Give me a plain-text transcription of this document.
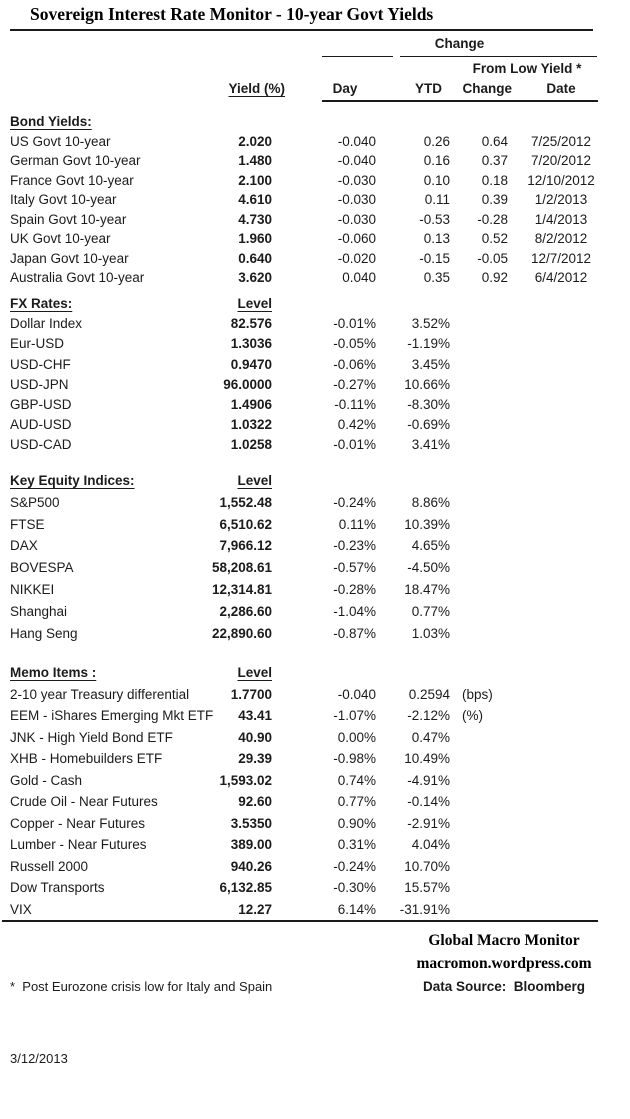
Sovereign Interest Rate Monitor - 10-year Govt Yields
Change
From Low Yield *
Yield (%)	Day	YTD	Change	Date
Bond Yields:
US Govt 10-year	2.020	-0.040	0.26	0.64	7/25/2012
German Govt 10-year	1.480	-0.040	0.16	0.37	7/20/2012
France Govt 10-year	2.100	-0.030	0.10	0.18	12/10/2012
Italy Govt 10-year	4.610	-0.030	0.11	0.39	1/2/2013
Spain Govt 10-year	4.730	-0.030	-0.53	-0.28	1/4/2013
UK Govt 10-year	1.960	-0.060	0.13	0.52	8/2/2012
Japan Govt 10-year	0.640	-0.020	-0.15	-0.05	12/7/2012
Australia Govt 10-year	3.620	0.040	0.35	0.92	6/4/2012
FX Rates:	Level
Dollar Index	82.576	-0.01%	3.52%
Eur-USD	1.3036	-0.05%	-1.19%
USD-CHF	0.9470	-0.06%	3.45%
USD-JPN	96.0000	-0.27%	10.66%
GBP-USD	1.4906	-0.11%	-8.30%
AUD-USD	1.0322	0.42%	-0.69%
USD-CAD	1.0258	-0.01%	3.41%
Key Equity Indices:	Level
S&P500	1,552.48	-0.24%	8.86%
FTSE	6,510.62	0.11%	10.39%
DAX	7,966.12	-0.23%	4.65%
BOVESPA	58,208.61	-0.57%	-4.50%
NIKKEI	12,314.81	-0.28%	18.47%
Shanghai	2,286.60	-1.04%	0.77%
Hang Seng	22,890.60	-0.87%	1.03%
Memo Items :	Level
2-10 year Treasury differential	1.7700	-0.040	0.2594 (bps)
EEM - iShares Emerging Mkt ETF	43.41	-1.07%	-2.12% (%)
JNK - High Yield Bond ETF	40.90	0.00%	0.47%
XHB - Homebuilders ETF	29.39	-0.98%	10.49%
Gold - Cash	1,593.02	0.74%	-4.91%
Crude Oil - Near Futures	92.60	0.77%	-0.14%
Copper - Near Futures	3.5350	0.90%	-2.91%
Lumber - Near Futures	389.00	0.31%	4.04%
Russell 2000	940.26	-0.24%	10.70%
Dow Transports	6,132.85	-0.30%	15.57%
VIX	12.27	6.14%	-31.91%

*  Post Eurozone crisis low for Italy and Spain

3/12/2013

Global Macro Monitor
macromon.wordpress.com
Data Source:  Bloomberg
